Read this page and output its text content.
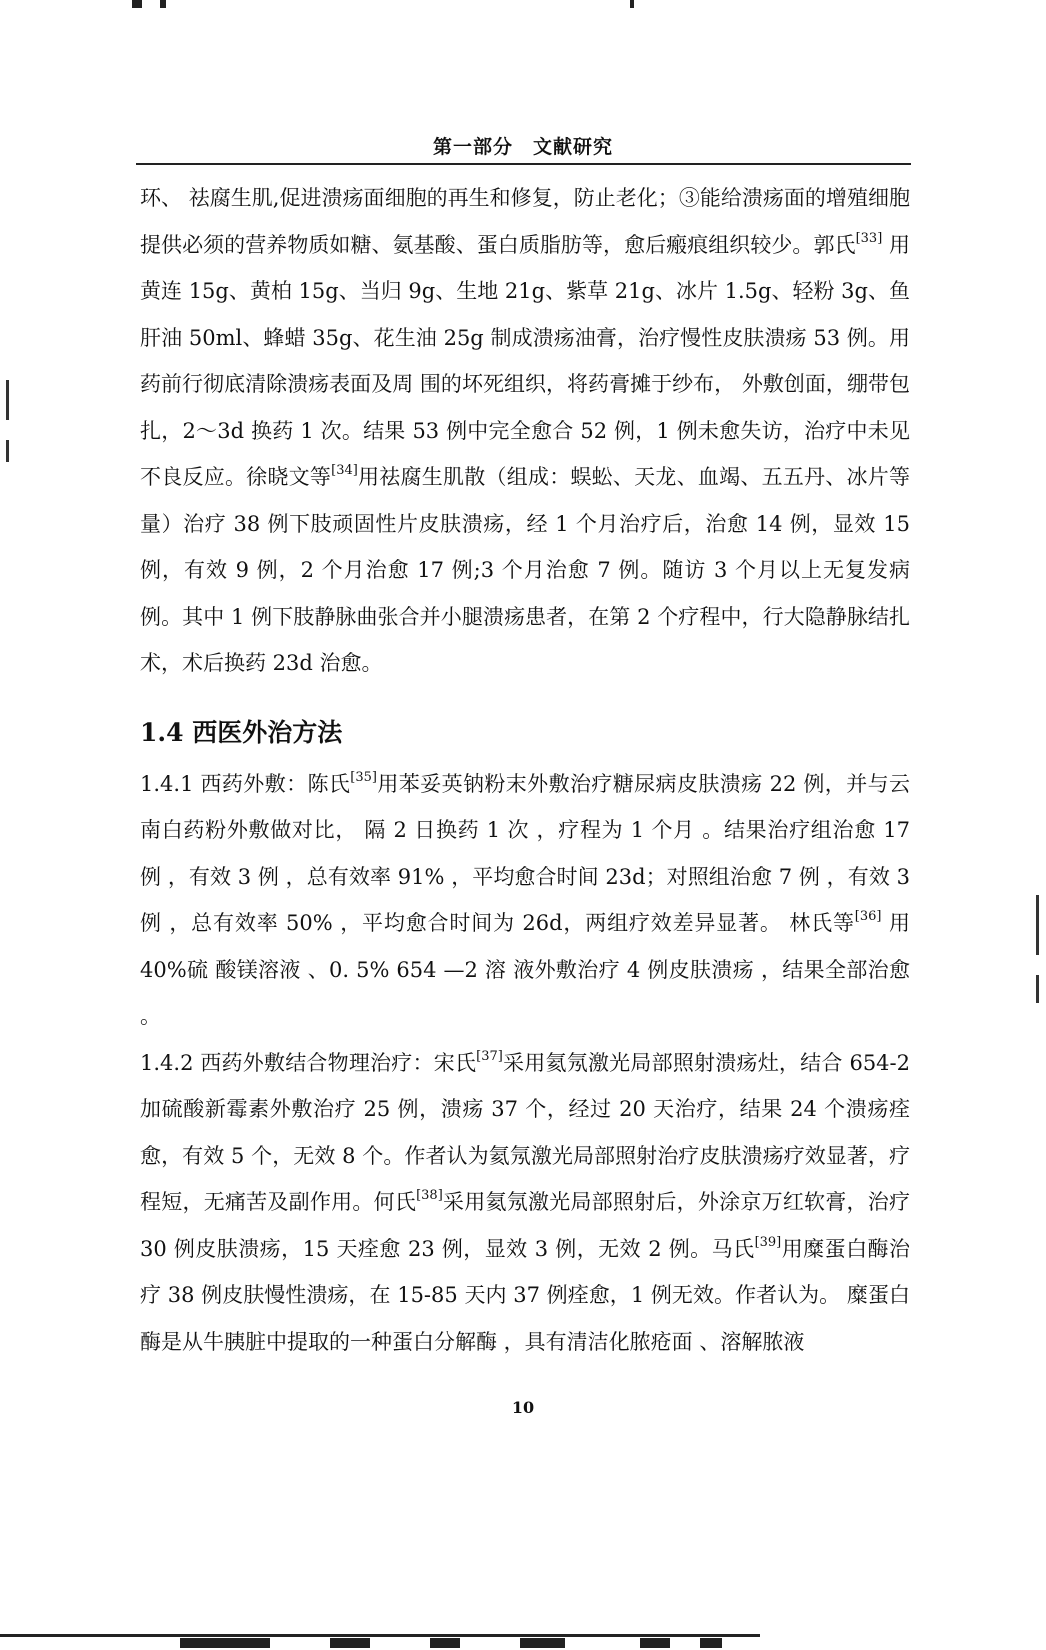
第一部分　文献研究

环、 祛腐生肌,促进溃疡面细胞的再生和修复，防止老化；③能给溃疡面的增殖细胞提供必须的营养物质如糖、氨基酸、蛋白质脂肪等，愈后瘢痕组织较少。郭氏[33] 用黄连 15g、黄柏 15g、当归 9g、生地 21g、紫草 21g、冰片 1.5g、轻粉 3g、鱼肝油 50ml、蜂蜡 35g、花生油 25g 制成溃疡油膏，治疗慢性皮肤溃疡 53 例。用药前行彻底清除溃疡表面及周 围的坏死组织，将药膏摊于纱布， 外敷创面，绷带包扎，2～3d 换药 1 次。结果 53 例中完全愈合 52 例，1 例未愈失访，治疗中未见不良反应。徐晓文等[34]用祛腐生肌散（组成：蜈蚣、天龙、血竭、五五丹、冰片等量）治疗 38 例下肢顽固性片皮肤溃疡，经 1 个月治疗后，治愈 14 例，显效 15 例，有效 9 例，2 个月治愈 17 例;3 个月治愈 7 例。随访 3 个月以上无复发病例。其中 1 例下肢静脉曲张合并小腿溃疡患者，在第 2 个疗程中，行大隐静脉结扎术，术后换药 23d 治愈。

1.4 西医外治方法

1.4.1 西药外敷：陈氏[35]用苯妥英钠粉末外敷治疗糖尿病皮肤溃疡 22 例，并与云南白药粉外敷做对比， 隔 2 日换药 1 次 ，疗程为 1 个月 。结果治疗组治愈 17 例 ，有效 3 例 ，总有效率 91% ，平均愈合时间 23d；对照组治愈 7 例 ，有效 3 例 ，总有效率 50% ，平均愈合时间为 26d，两组疗效差异显著。 林氏等[36] 用 40%硫 酸镁溶液 、0. 5% 654 —2 溶 液外敷治疗 4 例皮肤溃疡 ，结果全部治愈 。

1.4.2 西药外敷结合物理治疗：宋氏[37]采用氦氖激光局部照射溃疡灶，结合 654-2 加硫酸新霉素外敷治疗 25 例，溃疡 37 个，经过 20 天治疗，结果 24 个溃疡痊愈，有效 5 个，无效 8 个。作者认为氦氖激光局部照射治疗皮肤溃疡疗效显著，疗程短，无痛苦及副作用。何氏[38]采用氦氖激光局部照射后，外涂京万红软膏，治疗 30 例皮肤溃疡，15 天痊愈 23 例，显效 3 例，无效 2 例。马氏[39]用糜蛋白酶治疗 38 例皮肤慢性溃疡，在 15-85 天内 37 例痊愈，1 例无效。作者认为。 糜蛋白酶是从牛胰脏中提取的一种蛋白分解酶 ，具有清洁化脓疮面 、溶解脓液

10
